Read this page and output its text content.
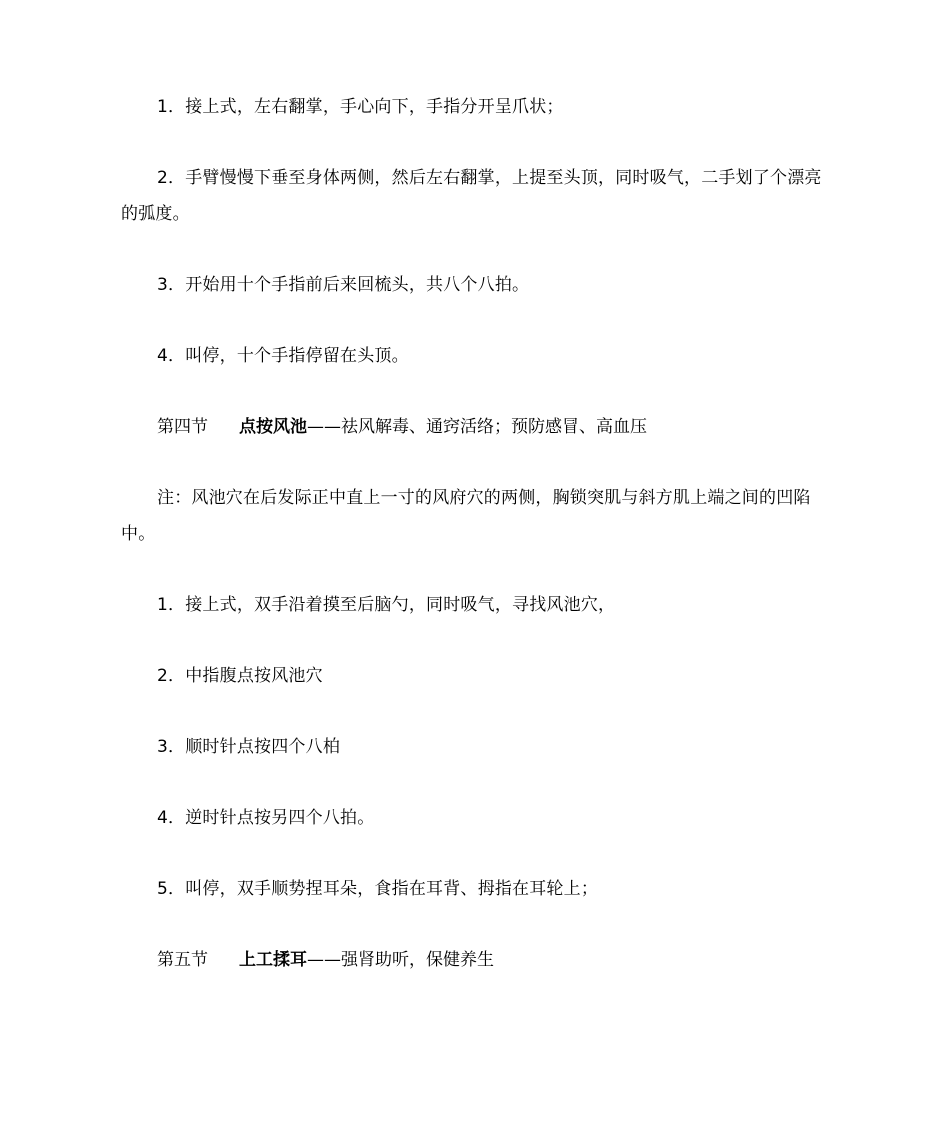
1．接上式，左右翻掌，手心向下，手指分开呈爪状；
2．手臂慢慢下垂至身体两侧，然后左右翻掌，上提至头顶，同时吸气，二手划了个漂亮的弧度。
3．开始用十个手指前后来回梳头，共八个八拍。
4．叫停，十个手指停留在头顶。
第四节 点按风池——祛风解毒、通窍活络；预防感冒、高血压
注：风池穴在后发际正中直上一寸的风府穴的两侧，胸锁突肌与斜方肌上端之间的凹陷中。
1．接上式，双手沿着摸至后脑勺，同时吸气，寻找风池穴，
2．中指腹点按风池穴
3．顺时针点按四个八柏
4．逆时针点按另四个八拍。
5．叫停，双手顺势捏耳朵，食指在耳背、拇指在耳轮上；
第五节 上工揉耳——强肾助听，保健养生
